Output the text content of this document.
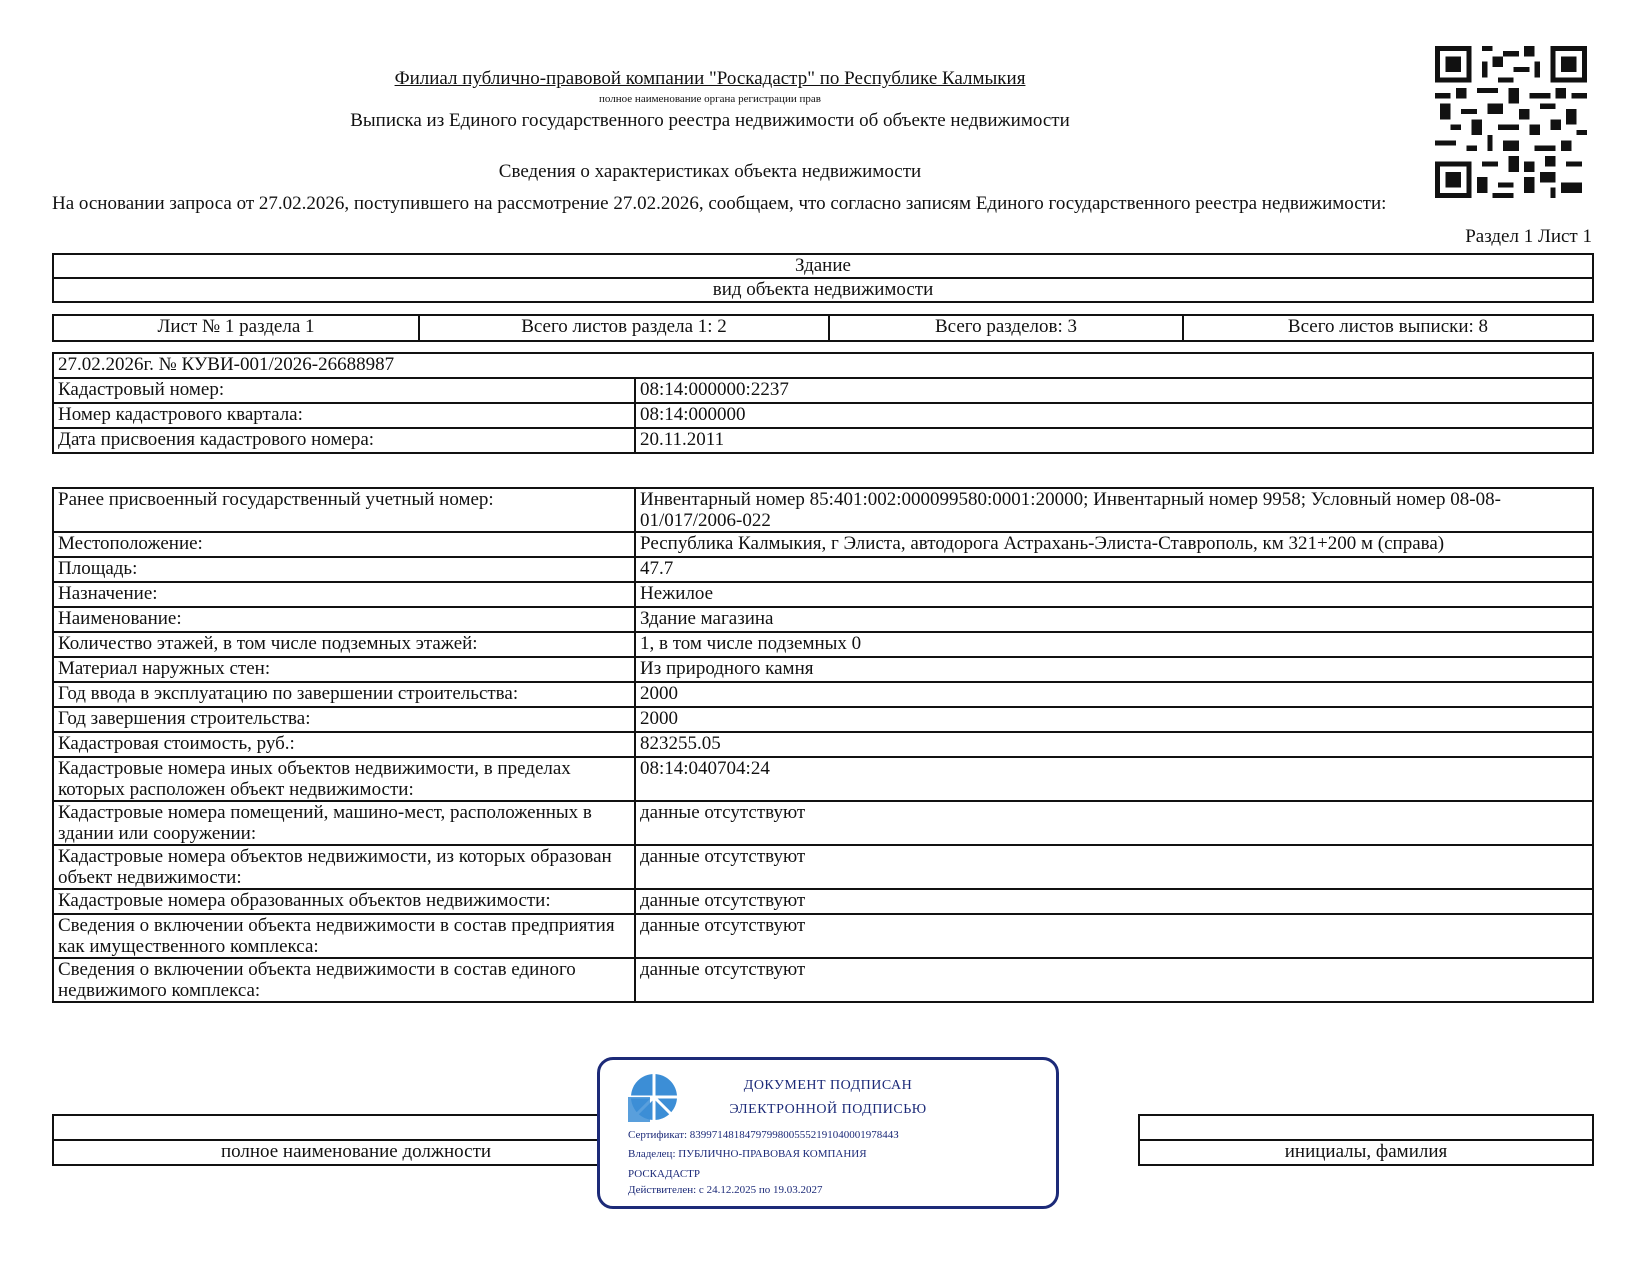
Филиал публично-правовой компании "Роскадастр" по Республике Калмыкия
полное наименование органа регистрации прав
Выписка из Единого государственного реестра недвижимости об объекте недвижимости
Сведения о характеристиках объекта недвижимости
На основании запроса от 27.02.2026, поступившего на рассмотрение 27.02.2026, сообщаем, что согласно записям Единого государственного реестра недвижимости:
Раздел 1 Лист 1
Здание
вид объекта недвижимости
Лист № 1 раздела 1	Всего листов раздела 1: 2	Всего разделов: 3	Всего листов выписки: 8
27.02.2026г. № КУВИ-001/2026-26688987	
Кадастровый номер:	08:14:000000:2237
Номер кадастрового квартала:	08:14:000000
Дата присвоения кадастрового номера:	20.11.2011
Ранее присвоенный государственный учетный номер:	Инвентарный номер 85:401:002:000099580:0001:20000; Инвентарный номер 9958; Условный номер 08-08-01/017/2006-022
Местоположение:	Республика Калмыкия, г Элиста, автодорога Астрахань-Элиста-Ставрополь, км 321+200 м (справа)
Площадь:	47.7
Назначение:	Нежилое
Наименование:	Здание магазина
Количество этажей, в том числе подземных этажей:	1, в том числе подземных 0
Материал наружных стен:	Из природного камня
Год ввода в эксплуатацию по завершении строительства:	2000
Год завершения строительства:	2000
Кадастровая стоимость, руб.:	823255.05
Кадастровые номера иных объектов недвижимости, в пределах которых расположен объект недвижимости:	08:14:040704:24
Кадастровые номера помещений, машино-мест, расположенных в здании или сооружении:	данные отсутствуют
Кадастровые номера объектов недвижимости, из которых образован объект недвижимости:	данные отсутствуют
Кадастровые номера образованных объектов недвижимости:	данные отсутствуют
Сведения о включении объекта недвижимости в состав предприятия как имущественного комплекса:	данные отсутствуют
Сведения о включении объекта недвижимости в состав единого недвижимого комплекса:	данные отсутствуют

полное наименование должности		инициалы, фамилия
ДОКУМЕНТ ПОДПИСАН
ЭЛЕКТРОННОЙ ПОДПИСЬЮ
Сертификат: 8399714818479799800555219104000197844З
Владелец: ПУБЛИЧНО-ПРАВОВАЯ КОМПАНИЯ
РОСКАДАСТР
Действителен: с 24.12.2025 по 19.03.2027
